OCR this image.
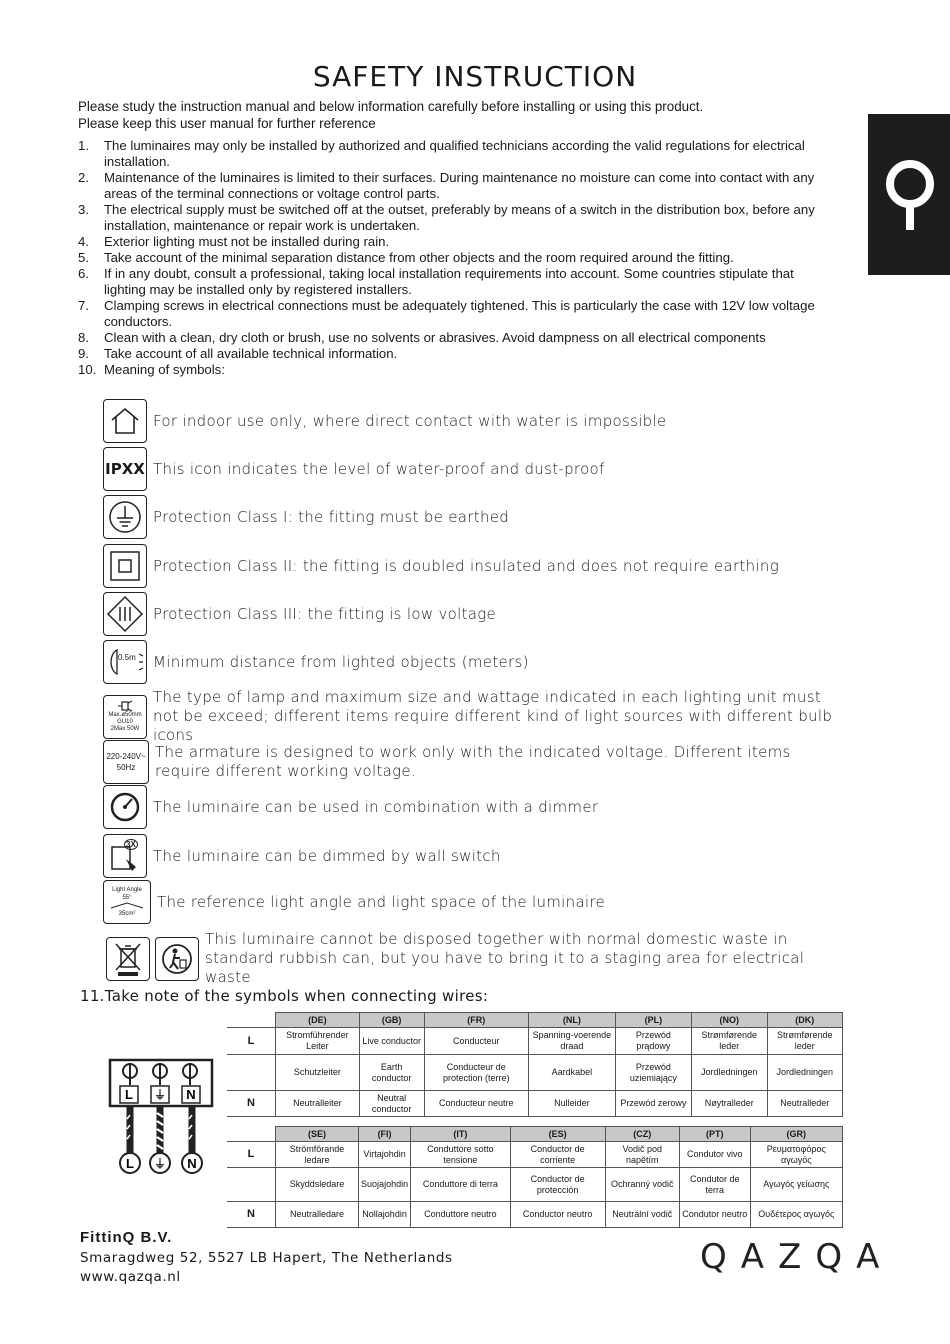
SAFETY INSTRUCTION
Please study the instruction manual and below information carefully before installing or using this product.
Please keep this user manual for further reference
1. The luminaires may only be installed by authorized and qualified technicians according the valid regulations for electrical installation.
2. Maintenance of the luminaires is limited to their surfaces. During maintenance no moisture can come into contact with any areas of the terminal connections or voltage control parts.
3. The electrical supply must be switched off at the outset, preferably by means of a switch in the distribution box, before any installation, maintenance or repair work is undertaken.
4. Exterior lighting must not be installed during rain.
5. Take account of the minimal separation distance from other objects and the room required around the fitting.
6. If in any doubt, consult a professional, taking local installation requirements into account. Some countries stipulate that lighting may be installed only by registered installers.
7. Clamping screws in electrical connections must be adequately tightened. This is particularly the case with 12V low voltage conductors.
8. Clean with a clean, dry cloth or brush, use no solvents or abrasives. Avoid dampness on all electrical components
9. Take account of all available technical information.
10. Meaning of symbols:
For indoor use only, where direct contact with water is impossible
IPXX This icon indicates the level of water-proof and dust-proof
Protection Class I: the fitting must be earthed
Protection Class II: the fitting is doubled insulated and does not require earthing
Protection Class III: the fitting is low voltage
0.5m Minimum distance from lighted objects (meters)
Max.ø50mm
GU10
2Max 50W
The type of lamp and maximum size and wattage indicated in each lighting unit must not be exceed; different items require different kind of light sources with different bulb icons
220-240V~
50Hz
The armature is designed to work only with the indicated voltage. Different items require different working voltage.
The luminaire can be used in combination with a dimmer
3X
The luminaire can be dimmed by wall switch
Light Angle
55°
35cm²
The reference light angle and light space of the luminaire
This luminaire cannot be disposed together with normal domestic waste in standard rubbish can, but you have to bring it to a staging area for electrical waste
11.Take note of the symbols when connecting wires:
L ⏚ N
L ⏚ N
	(DE)	(GB)	(FR)	(NL)	(PL)	(NO)	(DK)
L	Stromführender Leiter	Live conductor	Conducteur	Spanning-voerende draad	Przewód prądowy	Strømførende leder	Strømførende leder
	Schutzleiter	Earth conductor	Conducteur de protection (terre)	Aardkabel	Przewód uziemiający	Jordledningen	Jordledningen
N	Neutralleiter	Neutral conductor	Conducteur neutre	Nulleider	Przewód zerowy	Nøytralleder	Neutralleder
	(SE)	(FI)	(IT)	(ES)	(CZ)	(PT)	(GR)
L	Strömförande ledare	Virtajohdin	Conduttore sotto tensione	Conductor de corriente	Vodič pod napětím	Condutor vivo	Ρευματοφόρος αγωγός
	Skyddsledare	Suojajohdin	Conduttore di terra	Conductor de protección	Ochranný vodič	Condutor de terra	Αγωγός γείωσης
N	Neutralledare	Nollajohdin	Conduttore neutro	Conductor neutro	Neutrální vodič	Condutor neutro	Ουδέτερος αγωγός
FittinQ B.V.
Smaragdweg 52, 5527 LB Hapert, The Netherlands
www.qazqa.nl	QAZQA
